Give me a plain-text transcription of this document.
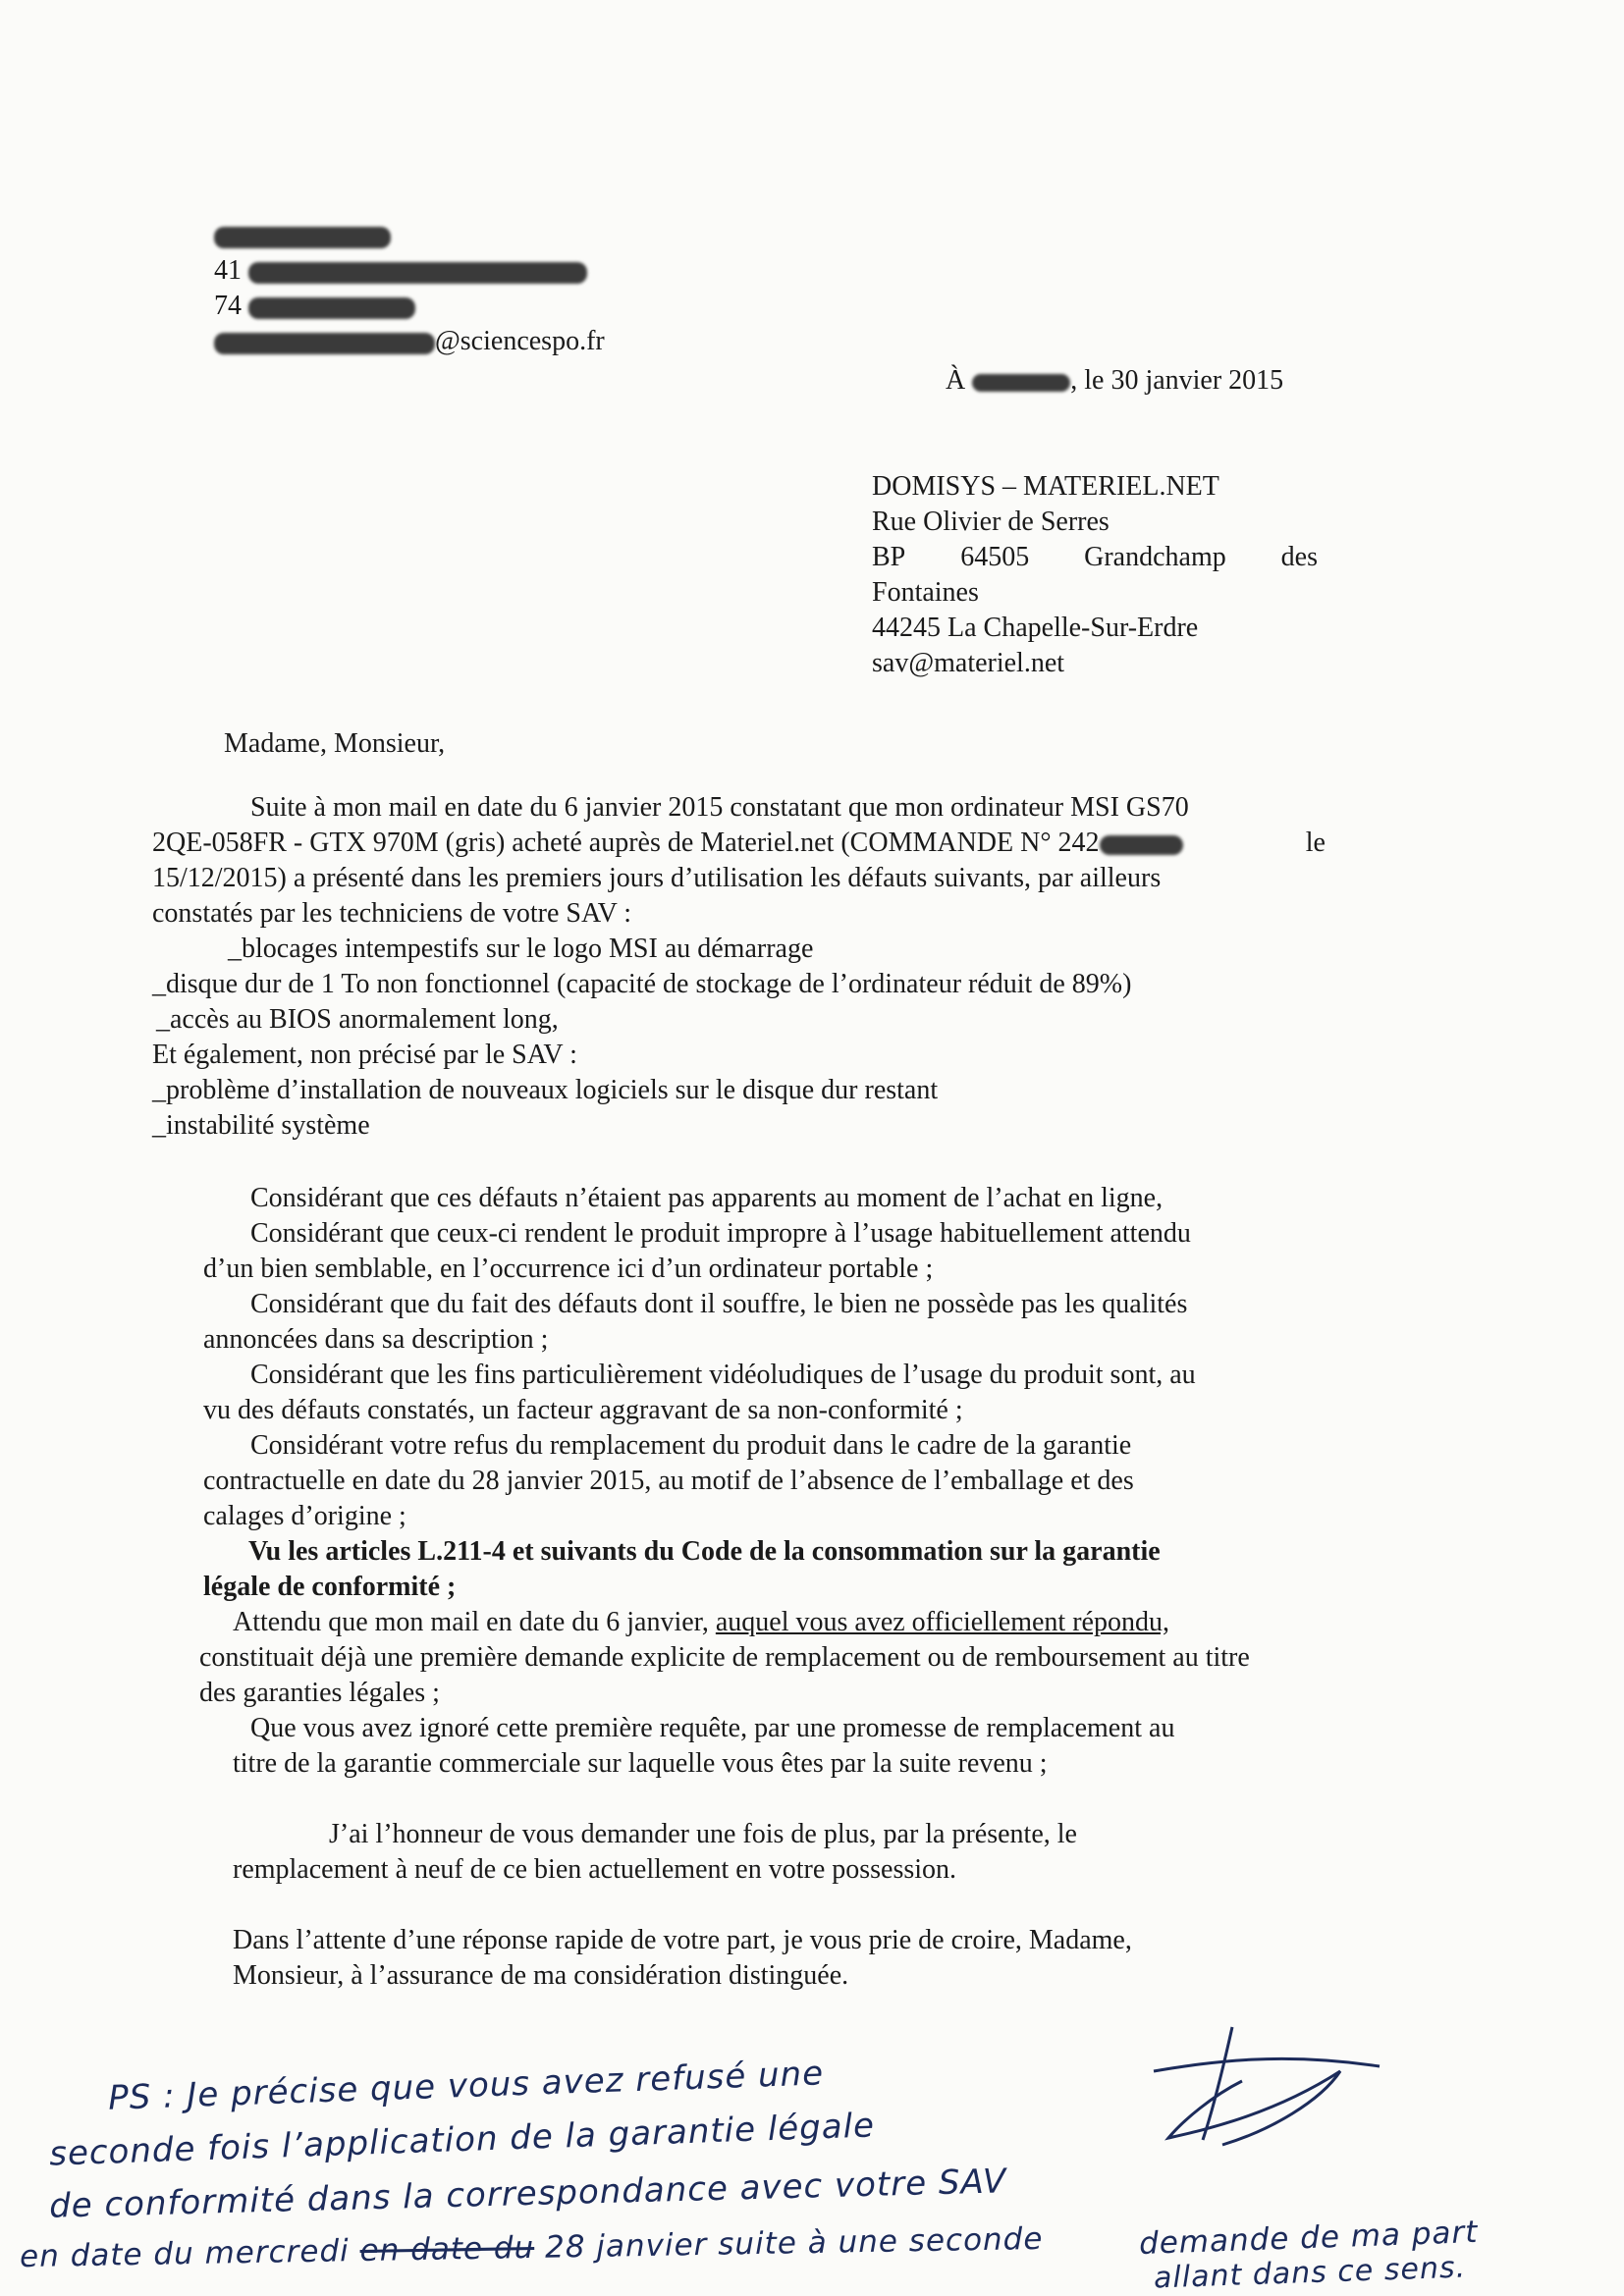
41
74
@sciencespo.fr
À	, le 30 janvier 2015
DOMISYS – MATERIEL.NET
Rue Olivier de Serres
BP 64505 Grandchamp des
Fontaines
44245 La Chapelle-Sur-Erdre
sav@materiel.net
Madame, Monsieur,
Suite à mon mail en date du 6 janvier 2015 constatant que mon ordinateur MSI GS70
2QE-058FR - GTX 970M (gris) acheté auprès de Materiel.net (COMMANDE N° 242	le
15/12/2015) a présenté dans les premiers jours d’utilisation les défauts suivants, par ailleurs
constatés par les techniciens de votre SAV :
_blocages intempestifs sur le logo MSI au démarrage
_disque dur de 1 To non fonctionnel (capacité de stockage de l’ordinateur réduit de 89%)
_accès au BIOS anormalement long,
Et également, non précisé par le SAV :
_problème d’installation de nouveaux logiciels sur le disque dur restant
_instabilité système
Considérant que ces défauts n’étaient pas apparents au moment de l’achat en ligne,
Considérant que ceux-ci rendent le produit impropre à l’usage habituellement attendu
d’un bien semblable, en l’occurrence ici d’un ordinateur portable ;
Considérant que du fait des défauts dont il souffre, le bien ne possède pas les qualités
annoncées dans sa description ;
Considérant que les fins particulièrement vidéoludiques de l’usage du produit sont, au
vu des défauts constatés, un facteur aggravant de sa non-conformité ;
Considérant votre refus du remplacement du produit dans le cadre de la garantie
contractuelle en date du 28 janvier 2015, au motif de l’absence de l’emballage et des
calages d’origine ;
Vu les articles L.211-4 et suivants du Code de la consommation sur la garantie
légale de conformité ;
Attendu que mon mail en date du 6 janvier, auquel vous avez officiellement répondu,
constituait déjà une première demande explicite de remplacement ou de remboursement au titre
des garanties légales ;
Que vous avez ignoré cette première requête, par une promesse de remplacement au
titre de la garantie commerciale sur laquelle vous êtes par la suite revenu ;
J’ai l’honneur de vous demander une fois de plus, par la présente, le
remplacement à neuf de ce bien actuellement en votre possession.
Dans l’attente d’une réponse rapide de votre part, je vous prie de croire, Madame,
Monsieur, à l’assurance de ma considération distinguée.
PS : Je précise que vous avez refusé une
seconde fois l’application de la garantie légale
de conformité dans la correspondance avec votre SAV
en date du mercredi en date du 28 janvier suite à une seconde	demande de ma part
allant dans ce sens.
